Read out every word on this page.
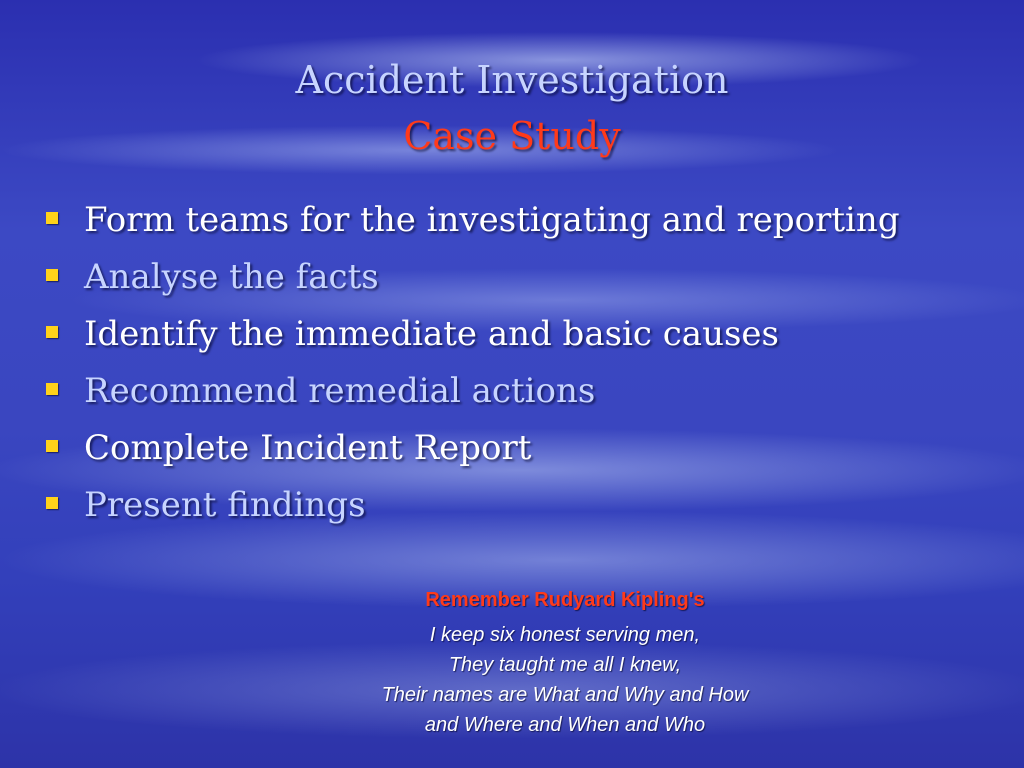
Accident Investigation
Case Study
Form teams for the investigating and reporting
Analyse the facts
Identify the immediate and basic causes
Recommend remedial actions
Complete Incident Report
Present findings
Remember Rudyard Kipling's
I keep six honest serving men,
They taught me all I knew,
Their names are What and Why and How
and Where and When and Who
